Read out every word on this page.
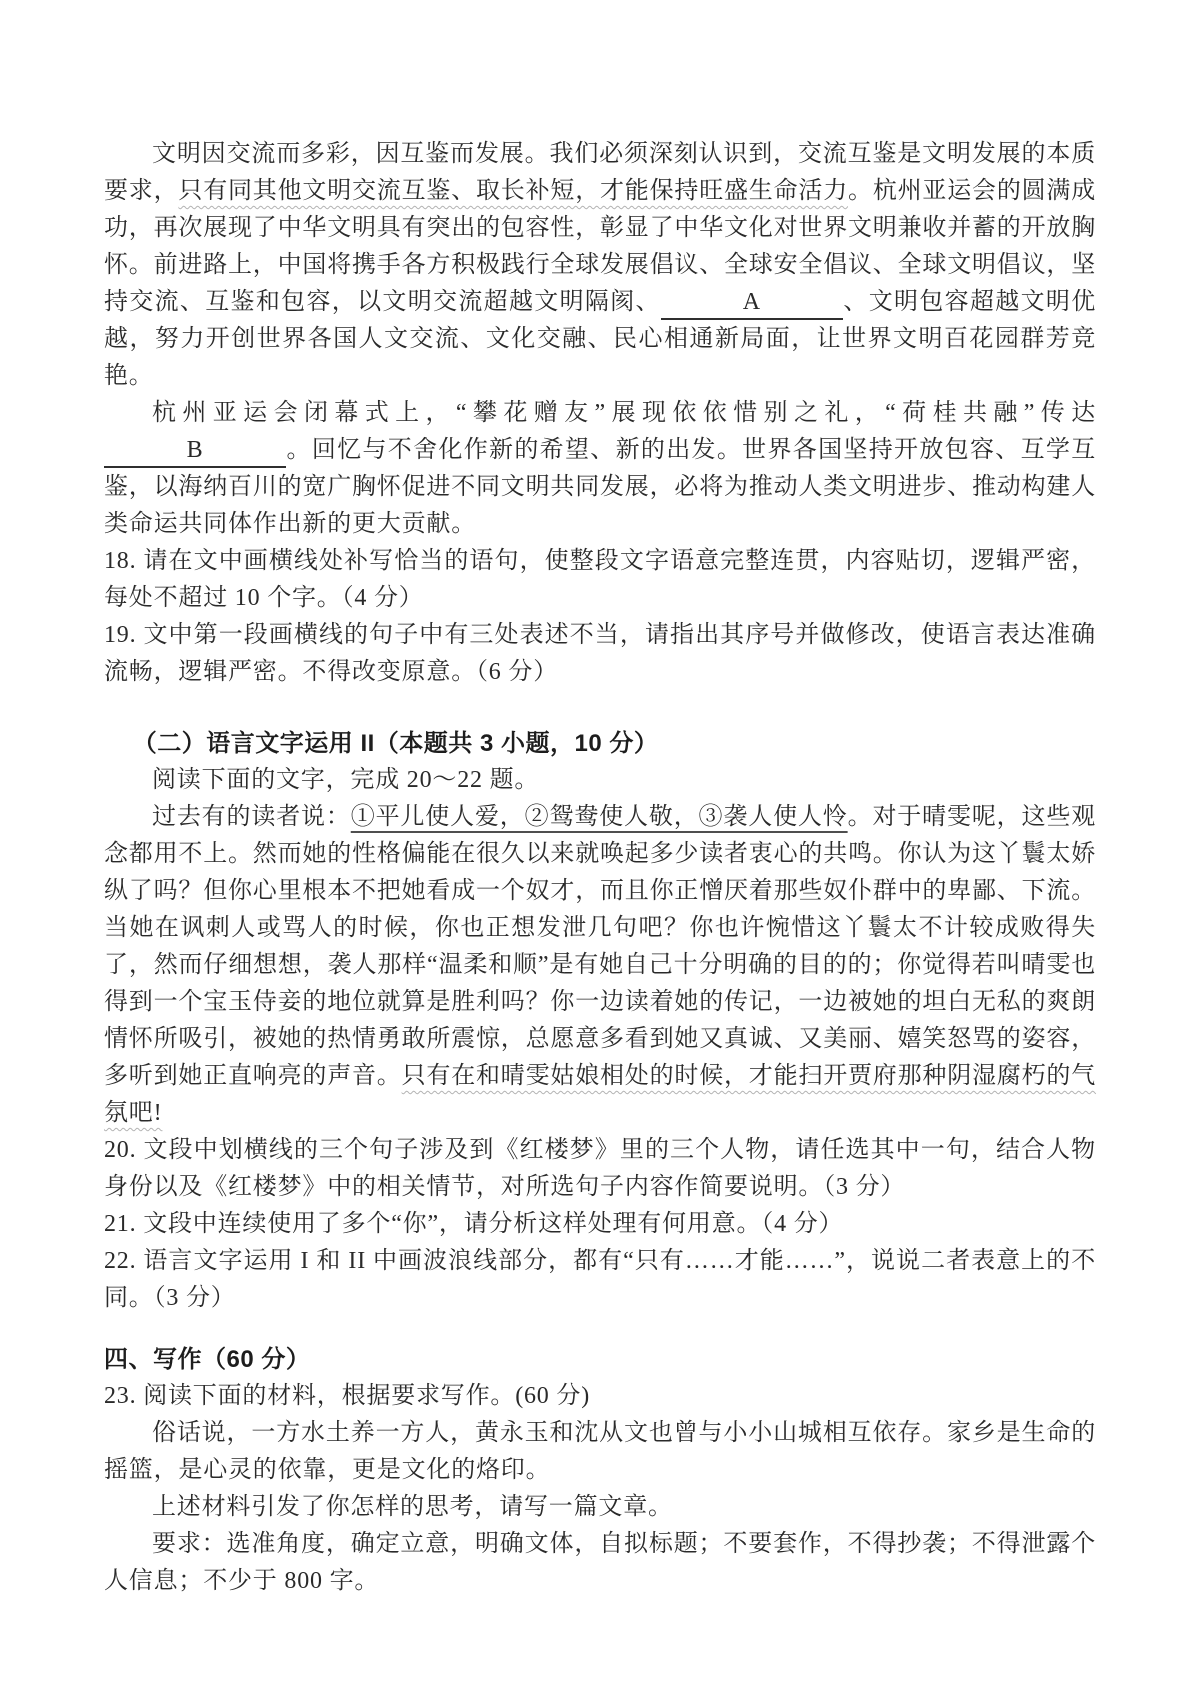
文明因交流而多彩，因互鉴而发展。我们必须深刻认识到，交流互鉴是文明发展的本质要求，只有同其他文明交流互鉴、取长补短，才能保持旺盛生命活力。杭州亚运会的圆满成功，再次展现了中华文明具有突出的包容性，彰显了中华文化对世界文明兼收并蓄的开放胸怀。前进路上，中国将携手各方积极践行全球发展倡议、全球安全倡议、全球文明倡议，坚持交流、互鉴和包容，以文明交流超越文明隔阂、	A	、文明包容超越文明优越，努力开创世界各国人文交流、文化交融、民心相通新局面，让世界文明百花园群芳竞艳。

杭州亚运会闭幕式上，“攀花赠友”展现依依惜别之礼，“荷桂共融”传达B	。回忆与不舍化作新的希望、新的出发。世界各国坚持开放包容、互学互鉴，以海纳百川的宽广胸怀促进不同文明共同发展，必将为推动人类文明进步、推动构建人类命运共同体作出新的更大贡献。

18. 请在文中画横线处补写恰当的语句，使整段文字语意完整连贯，内容贴切，逻辑严密，每处不超过 10 个字。（4 分）

19. 文中第一段画横线的句子中有三处表述不当，请指出其序号并做修改，使语言表达准确流畅，逻辑严密。不得改变原意。（6 分）

（二）语言文字运用 II（本题共 3 小题，10 分）

阅读下面的文字，完成 20～22 题。

过去有的读者说：①平儿使人爱，②鸳鸯使人敬，③袭人使人怜。对于晴雯呢，这些观念都用不上。然而她的性格偏能在很久以来就唤起多少读者衷心的共鸣。你认为这丫鬟太娇纵了吗？但你心里根本不把她看成一个奴才，而且你正憎厌着那些奴仆群中的卑鄙、下流。当她在讽刺人或骂人的时候，你也正想发泄几句吧？你也许惋惜这丫鬟太不计较成败得失了，然而仔细想想，袭人那样“温柔和顺”是有她自己十分明确的目的的；你觉得若叫晴雯也得到一个宝玉侍妾的地位就算是胜利吗？你一边读着她的传记，一边被她的坦白无私的爽朗情怀所吸引，被她的热情勇敢所震惊，总愿意多看到她又真诚、又美丽、嬉笑怒骂的姿容，多听到她正直响亮的声音。只有在和晴雯姑娘相处的时候，才能扫开贾府那种阴湿腐朽的气氛吧!

20. 文段中划横线的三个句子涉及到《红楼梦》里的三个人物，请任选其中一句，结合人物身份以及《红楼梦》中的相关情节，对所选句子内容作简要说明。（3 分）

21. 文段中连续使用了多个“你”，请分析这样处理有何用意。（4 分）

22. 语言文字运用 I 和 II 中画波浪线部分，都有“只有……才能……”，说说二者表意上的不同。（3 分）

四、写作（60 分）

23. 阅读下面的材料，根据要求写作。(60 分)

俗话说，一方水土养一方人，黄永玉和沈从文也曾与小小山城相互依存。家乡是生命的摇篮，是心灵的依靠，更是文化的烙印。

上述材料引发了你怎样的思考，请写一篇文章。

要求：选准角度，确定立意，明确文体，自拟标题；不要套作，不得抄袭；不得泄露个人信息；不少于 800 字。
